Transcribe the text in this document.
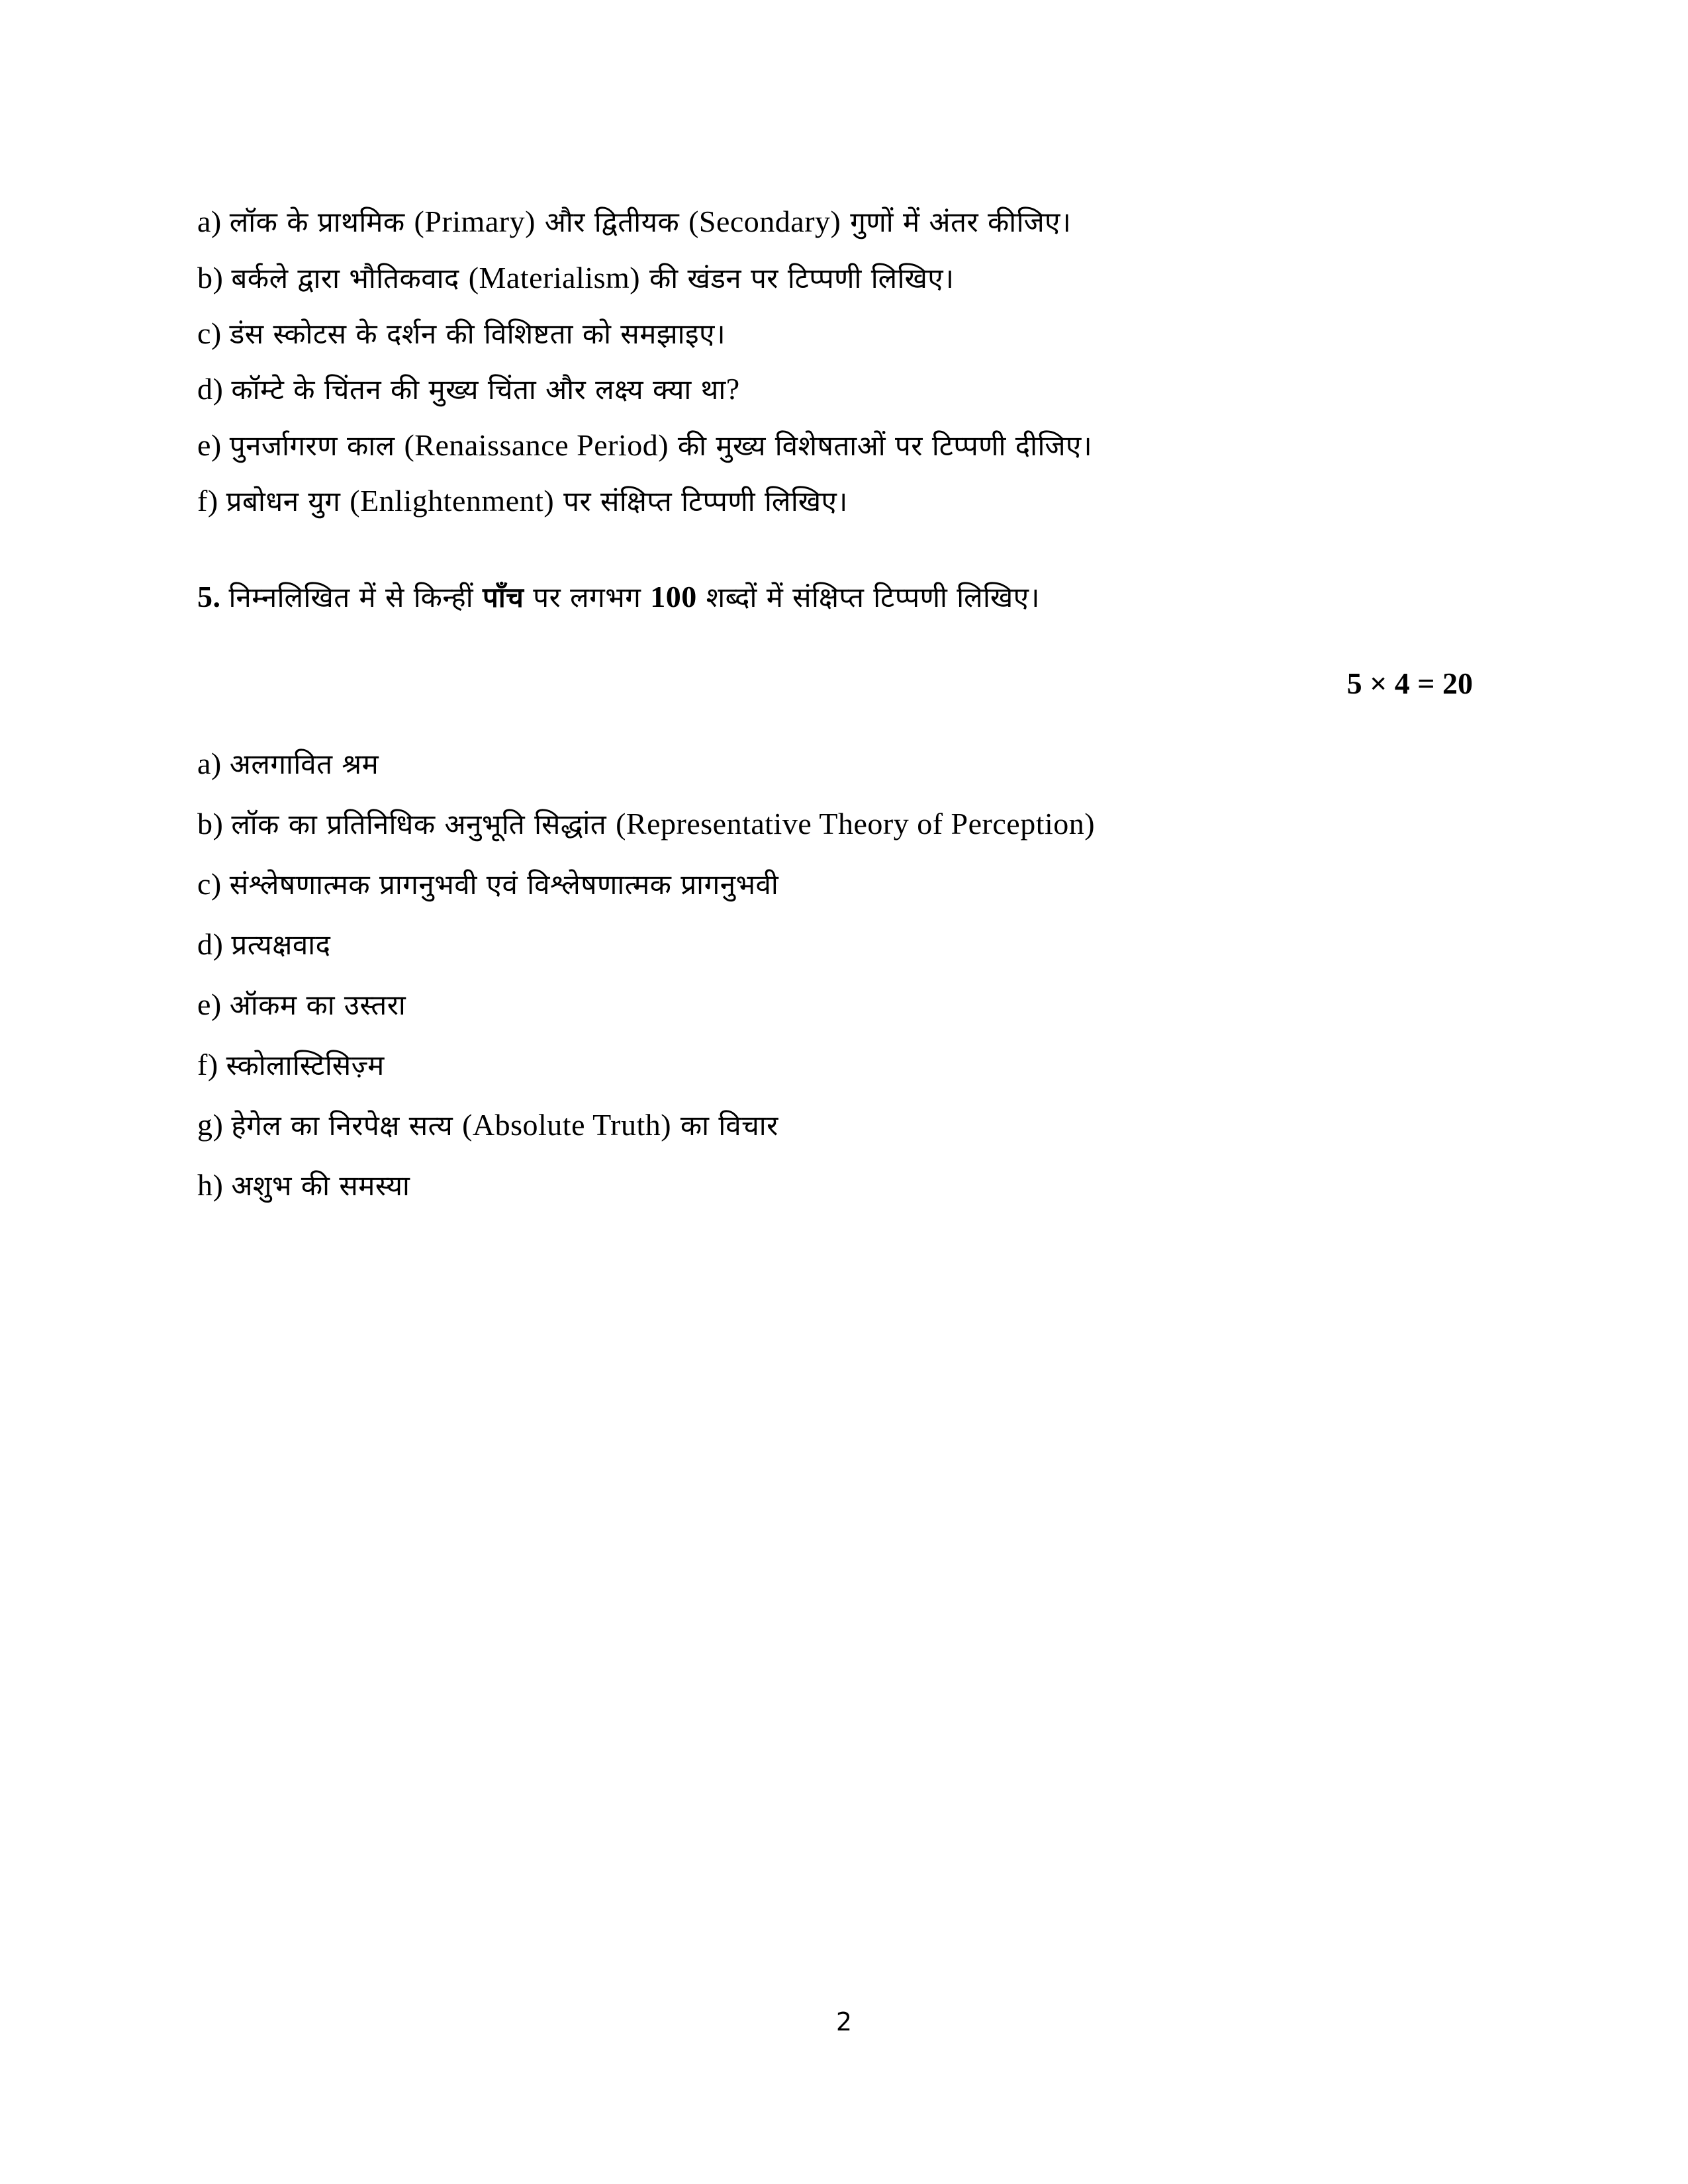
a) लॉक के प्राथमिक (Primary) और द्वितीयक (Secondary) गुणों में अंतर कीजिए।
b) बर्कले द्वारा भौतिकवाद (Materialism) की खंडन पर टिप्पणी लिखिए।
c) डंस स्कोटस के दर्शन की विशिष्टता को समझाइए।
d) कॉम्टे के चिंतन की मुख्य चिंता और लक्ष्य क्या था?
e) पुनर्जागरण काल (Renaissance Period) की मुख्य विशेषताओं पर टिप्पणी दीजिए।
f) प्रबोधन युग (Enlightenment) पर संक्षिप्त टिप्पणी लिखिए।
5. निम्नलिखित में से किन्हीं पाँच पर लगभग 100 शब्दों में संक्षिप्त टिप्पणी लिखिए।
5 × 4 = 20
a) अलगावित श्रम
b) लॉक का प्रतिनिधिक अनुभूति सिद्धांत (Representative Theory of Perception)
c) संश्लेषणात्मक प्रागनुभवी एवं विश्लेषणात्मक प्रागनुभवी
d) प्रत्यक्षवाद
e) ऑकम का उस्तरा
f) स्कोलास्टिसिज़्म
g) हेगेल का निरपेक्ष सत्य (Absolute Truth) का विचार
h) अशुभ की समस्या
2
